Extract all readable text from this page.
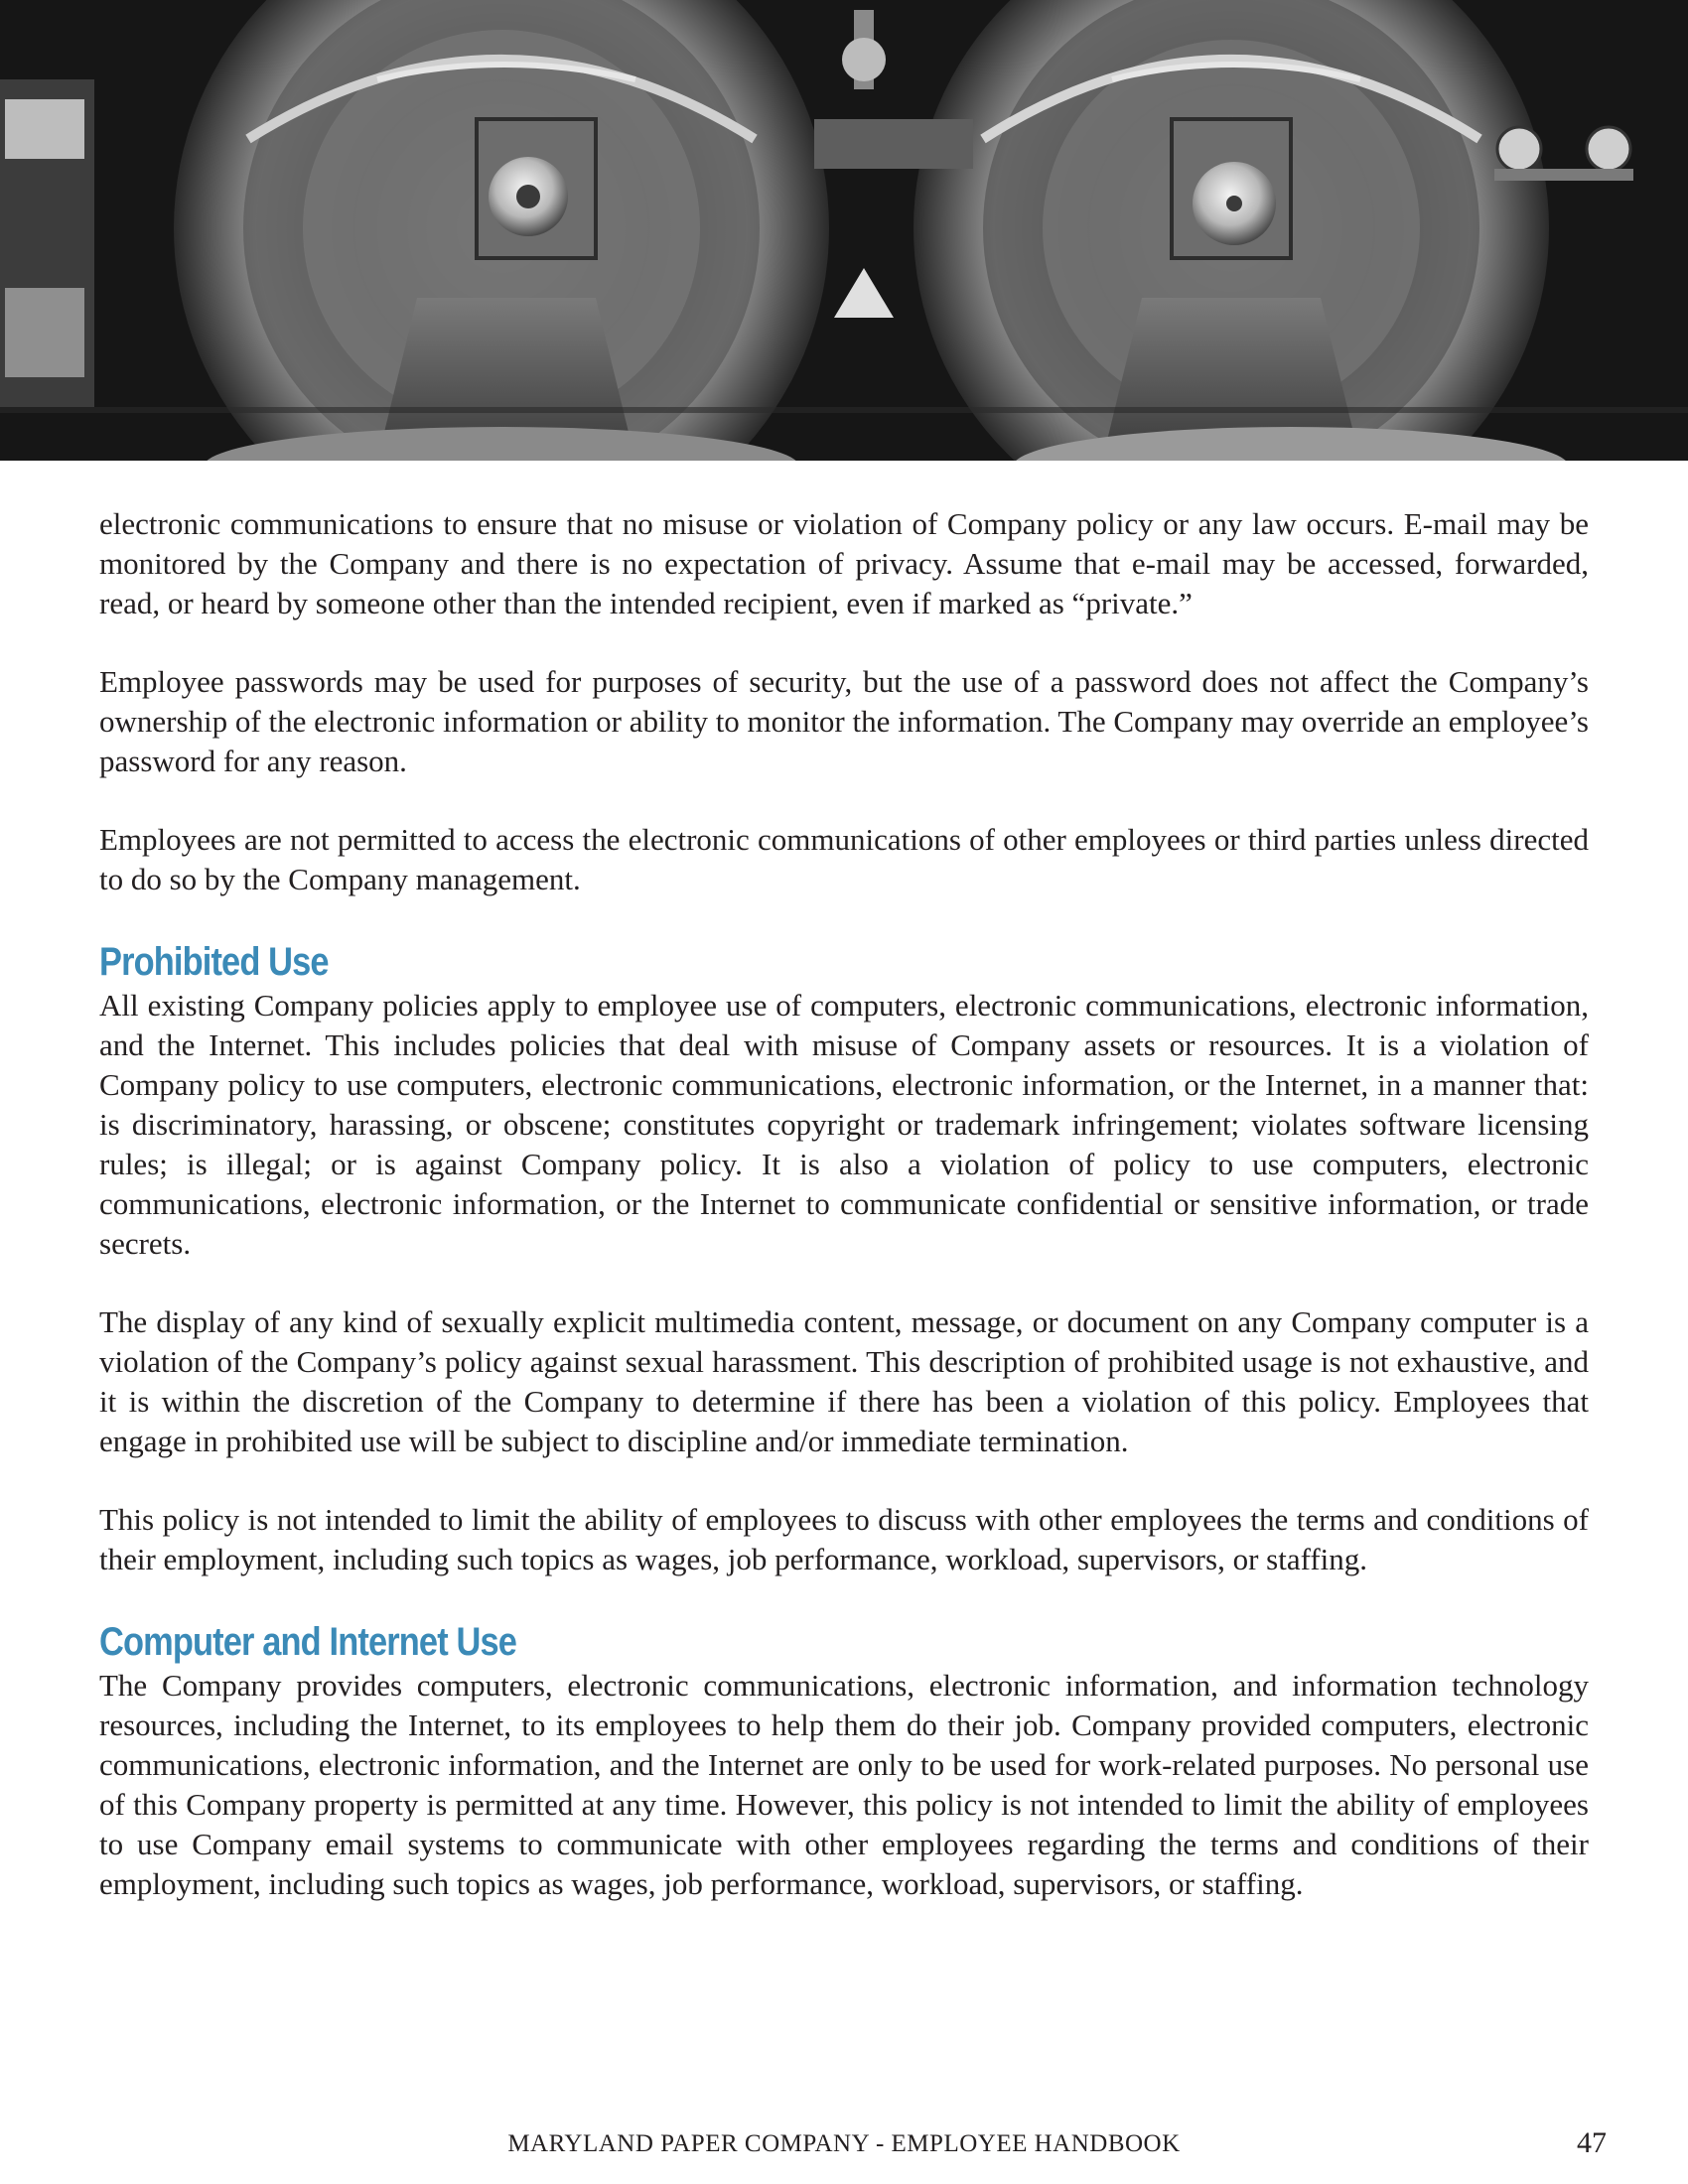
electronic communications to ensure that no misuse or violation of Company policy or any law occurs. E-mail may be monitored by the Company and there is no expectation of privacy. Assume that e-mail may be accessed, forwarded, read, or heard by someone other than the intended recipient, even if marked as “private.”

Employee passwords may be used for purposes of security, but the use of a password does not affect the Company’s ownership of the electronic information or ability to monitor the information. The Company may override an employee’s password for any reason.

Employees are not permitted to access the electronic communications of other employees or third parties unless directed to do so by the Company management.

Prohibited Use

All existing Company policies apply to employee use of computers, electronic communications, electronic information, and the Internet. This includes policies that deal with misuse of Company assets or resources. It is a violation of Company policy to use computers, electronic communications, electronic information, or the Internet, in a manner that: is discriminatory, harassing, or obscene; constitutes copyright or trademark infringement; violates software licensing rules; is illegal; or is against Company policy. It is also a violation of policy to use computers, electronic communications, electronic information, or the Internet to communicate confidential or sensitive information, or trade secrets.

The display of any kind of sexually explicit multimedia content, message, or document on any Company computer is a violation of the Company’s policy against sexual harassment. This description of prohibited usage is not exhaustive, and it is within the discretion of the Company to determine if there has been a violation of this policy. Employees that engage in prohibited use will be subject to discipline and/or immediate termination.

This policy is not intended to limit the ability of employees to discuss with other employees the terms and conditions of their employment, including such topics as wages, job performance, workload, supervisors, or staffing.

Computer and Internet Use

The Company provides computers, electronic communications, electronic information, and information technology resources, including the Internet, to its employees to help them do their job. Company provided computers, electronic communications, electronic information, and the Internet are only to be used for work-related purposes. No personal use of this Company property is permitted at any time. However, this policy is not intended to limit the ability of employees to use Company email systems to communicate with other employees regarding the terms and conditions of their employment, including such topics as wages, job performance, workload, supervisors, or staffing.

MARYLAND PAPER COMPANY - EMPLOYEE HANDBOOK	47
